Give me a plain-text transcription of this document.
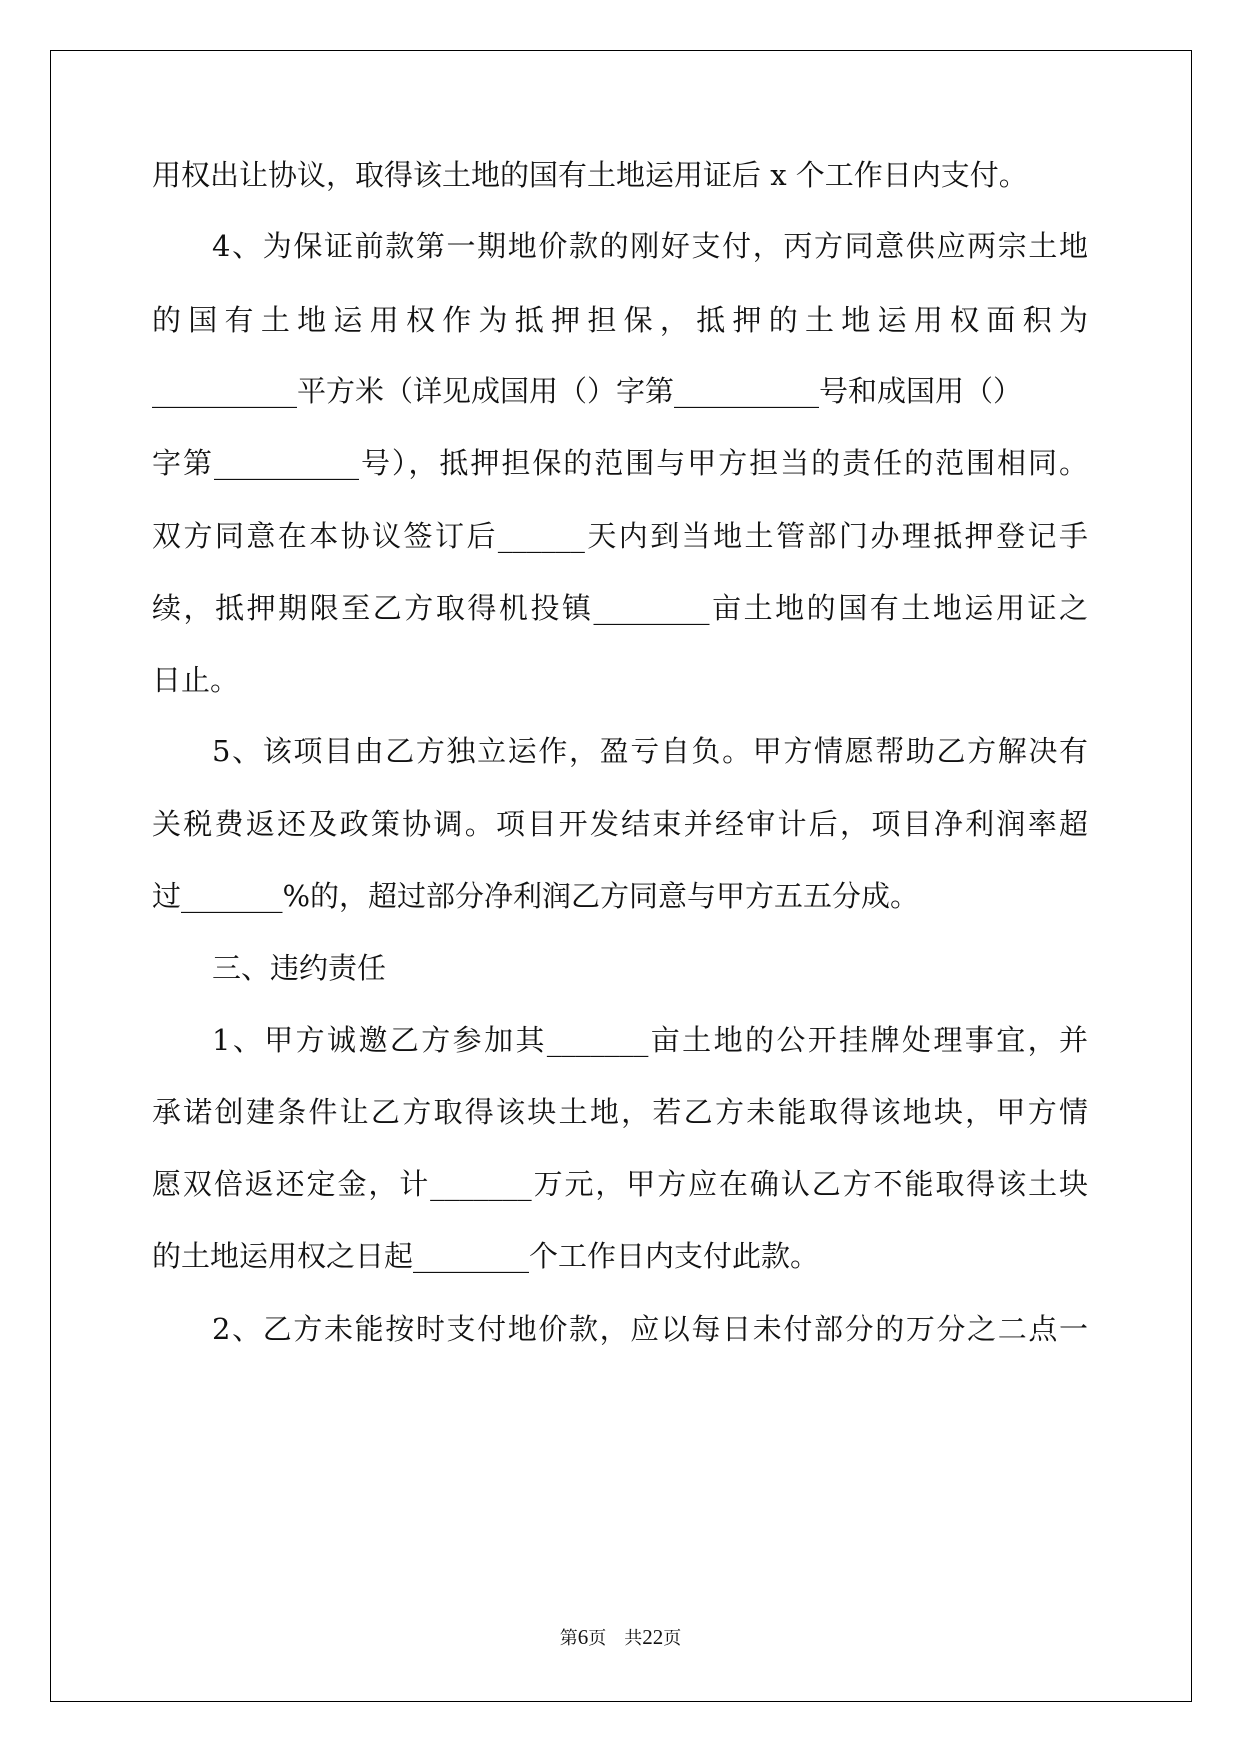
用权出让协议，取得该土地的国有土地运用证后 x 个工作日内支付。

4、为保证前款第一期地价款的刚好支付，丙方同意供应两宗土地

的国有土地运用权作为抵押担保，抵押的土地运用权面积为

__________平方米（详见成国用（）字第__________号和成国用（）

字第__________号），抵押担保的范围与甲方担当的责任的范围相同。

双方同意在本协议签订后______天内到当地土管部门办理抵押登记手

续，抵押期限至乙方取得机投镇________亩土地的国有土地运用证之

日止。

5、该项目由乙方独立运作，盈亏自负。甲方情愿帮助乙方解决有

关税费返还及政策协调。项目开发结束并经审计后，项目净利润率超

过_______%的，超过部分净利润乙方同意与甲方五五分成。

三、违约责任

1、甲方诚邀乙方参加其_______亩土地的公开挂牌处理事宜，并

承诺创建条件让乙方取得该块土地，若乙方未能取得该地块，甲方情

愿双倍返还定金，计_______万元，甲方应在确认乙方不能取得该土块

的土地运用权之日起________个工作日内支付此款。

2、乙方未能按时支付地价款，应以每日未付部分的万分之二点一

第6页 共22页
